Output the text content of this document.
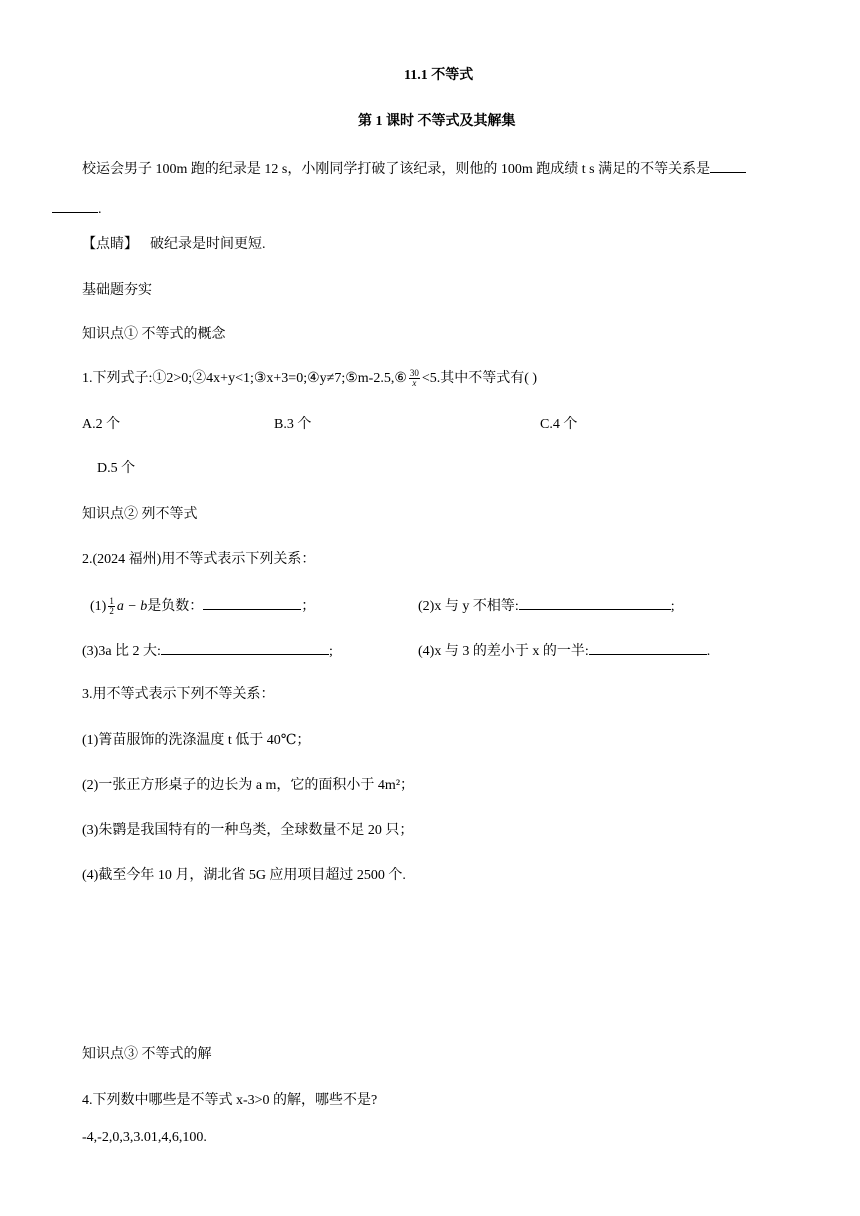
11.1 不等式
第 1 课时 不等式及其解集
校运会男子 100m 跑的纪录是 12 s，小刚同学打破了该纪录，则他的 100m 跑成绩 t s 满足的不等关系是
.
【点睛】 破纪录是时间更短.
基础题夯实
知识点① 不等式的概念
1.下列式子:①2>0;②4x+y<1;③x+3=0;④y≠7;⑤m-2.5,⑥ $\frac{30}{x} <5$.其中不等式有( )
A.2 个	B.3 个	C.4 个
D.5 个
知识点② 列不等式
2.(2024 福州)用不等式表示下列关系：
$(1) \frac{1}{2}$ a − b是负数：	；	(2)x 与 y 不相等:	;
(3)3a 比 2 大:	;	(4)x 与 3 的差小于 x 的一半:	.
3.用不等式表示下列不等关系：
(1)箐苗服饰的洗涤温度 t 低于 40℃；
(2)一张正方形桌子的边长为 a m，它的面积小于 4m²；
(3)朱鹮是我国特有的一种鸟类，全球数量不足 20 只；
(4)截至今年 10 月，湖北省 5G 应用项目超过 2500 个.
知识点③ 不等式的解
4.下列数中哪些是不等式 x-3>0 的解，哪些不是?
-4,-2,0,3,3.01,4,6,100.
